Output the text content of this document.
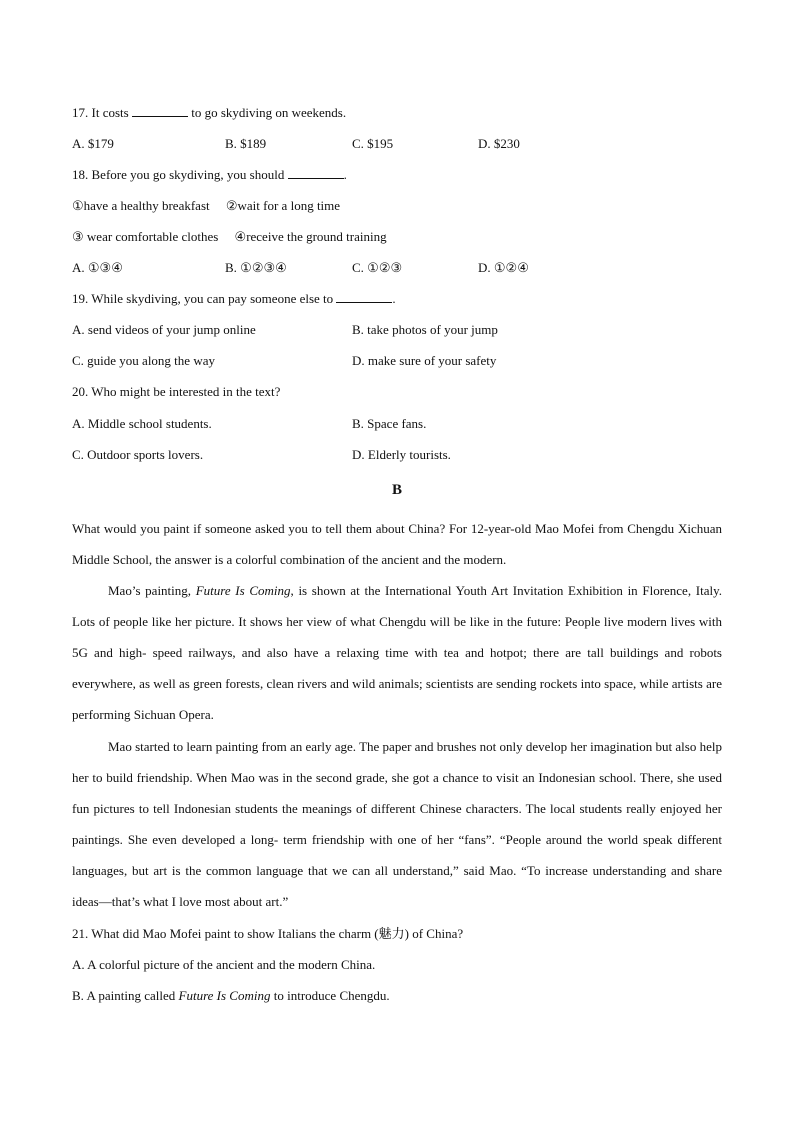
17. It costs	to go skydiving on weekends.
A. $179	B. $189	C. $195	D. $230
18. Before you go skydiving, you should	.
①have a healthy breakfast     ②wait for a long time
③ wear comfortable clothes     ④receive the ground training
A. ①③④	B. ①②③④	C. ①②③	D. ①②④
19. While skydiving, you can pay someone else to	.
A. send videos of your jump online	B. take photos of your jump
C. guide you along the way	D. make sure of your safety
20. Who might be interested in the text?
A. Middle school students.	B. Space fans.
C. Outdoor sports lovers.	D. Elderly tourists.
B
What would you paint if someone asked you to tell them about China? For 12-year-old Mao Mofei from Chengdu Xichuan Middle School, the answer is a colorful combination of the ancient and the modern.
Mao’s painting, Future Is Coming, is shown at the International Youth Art Invitation Exhibition in Florence, Italy. Lots of people like her picture. It shows her view of what Chengdu will be like in the future: People live modern lives with 5G and high- speed railways, and also have a relaxing time with tea and hotpot; there are tall buildings and robots everywhere, as well as green forests, clean rivers and wild animals; scientists are sending rockets into space, while artists are performing Sichuan Opera.
Mao started to learn painting from an early age. The paper and brushes not only develop her imagination but also help her to build friendship. When Mao was in the second grade, she got a chance to visit an Indonesian school. There, she used fun pictures to tell Indonesian students the meanings of different Chinese characters. The local students really enjoyed her paintings. She even developed a long- term friendship with one of her “fans”. “People around the world speak different languages, but art is the common language that we can all understand,” said Mao. “To increase understanding and share ideas—that’s what I love most about art.”
21. What did Mao Mofei paint to show Italians the charm (魅力) of China?
A. A colorful picture of the ancient and the modern China.
B. A painting called Future Is Coming to introduce Chengdu.
